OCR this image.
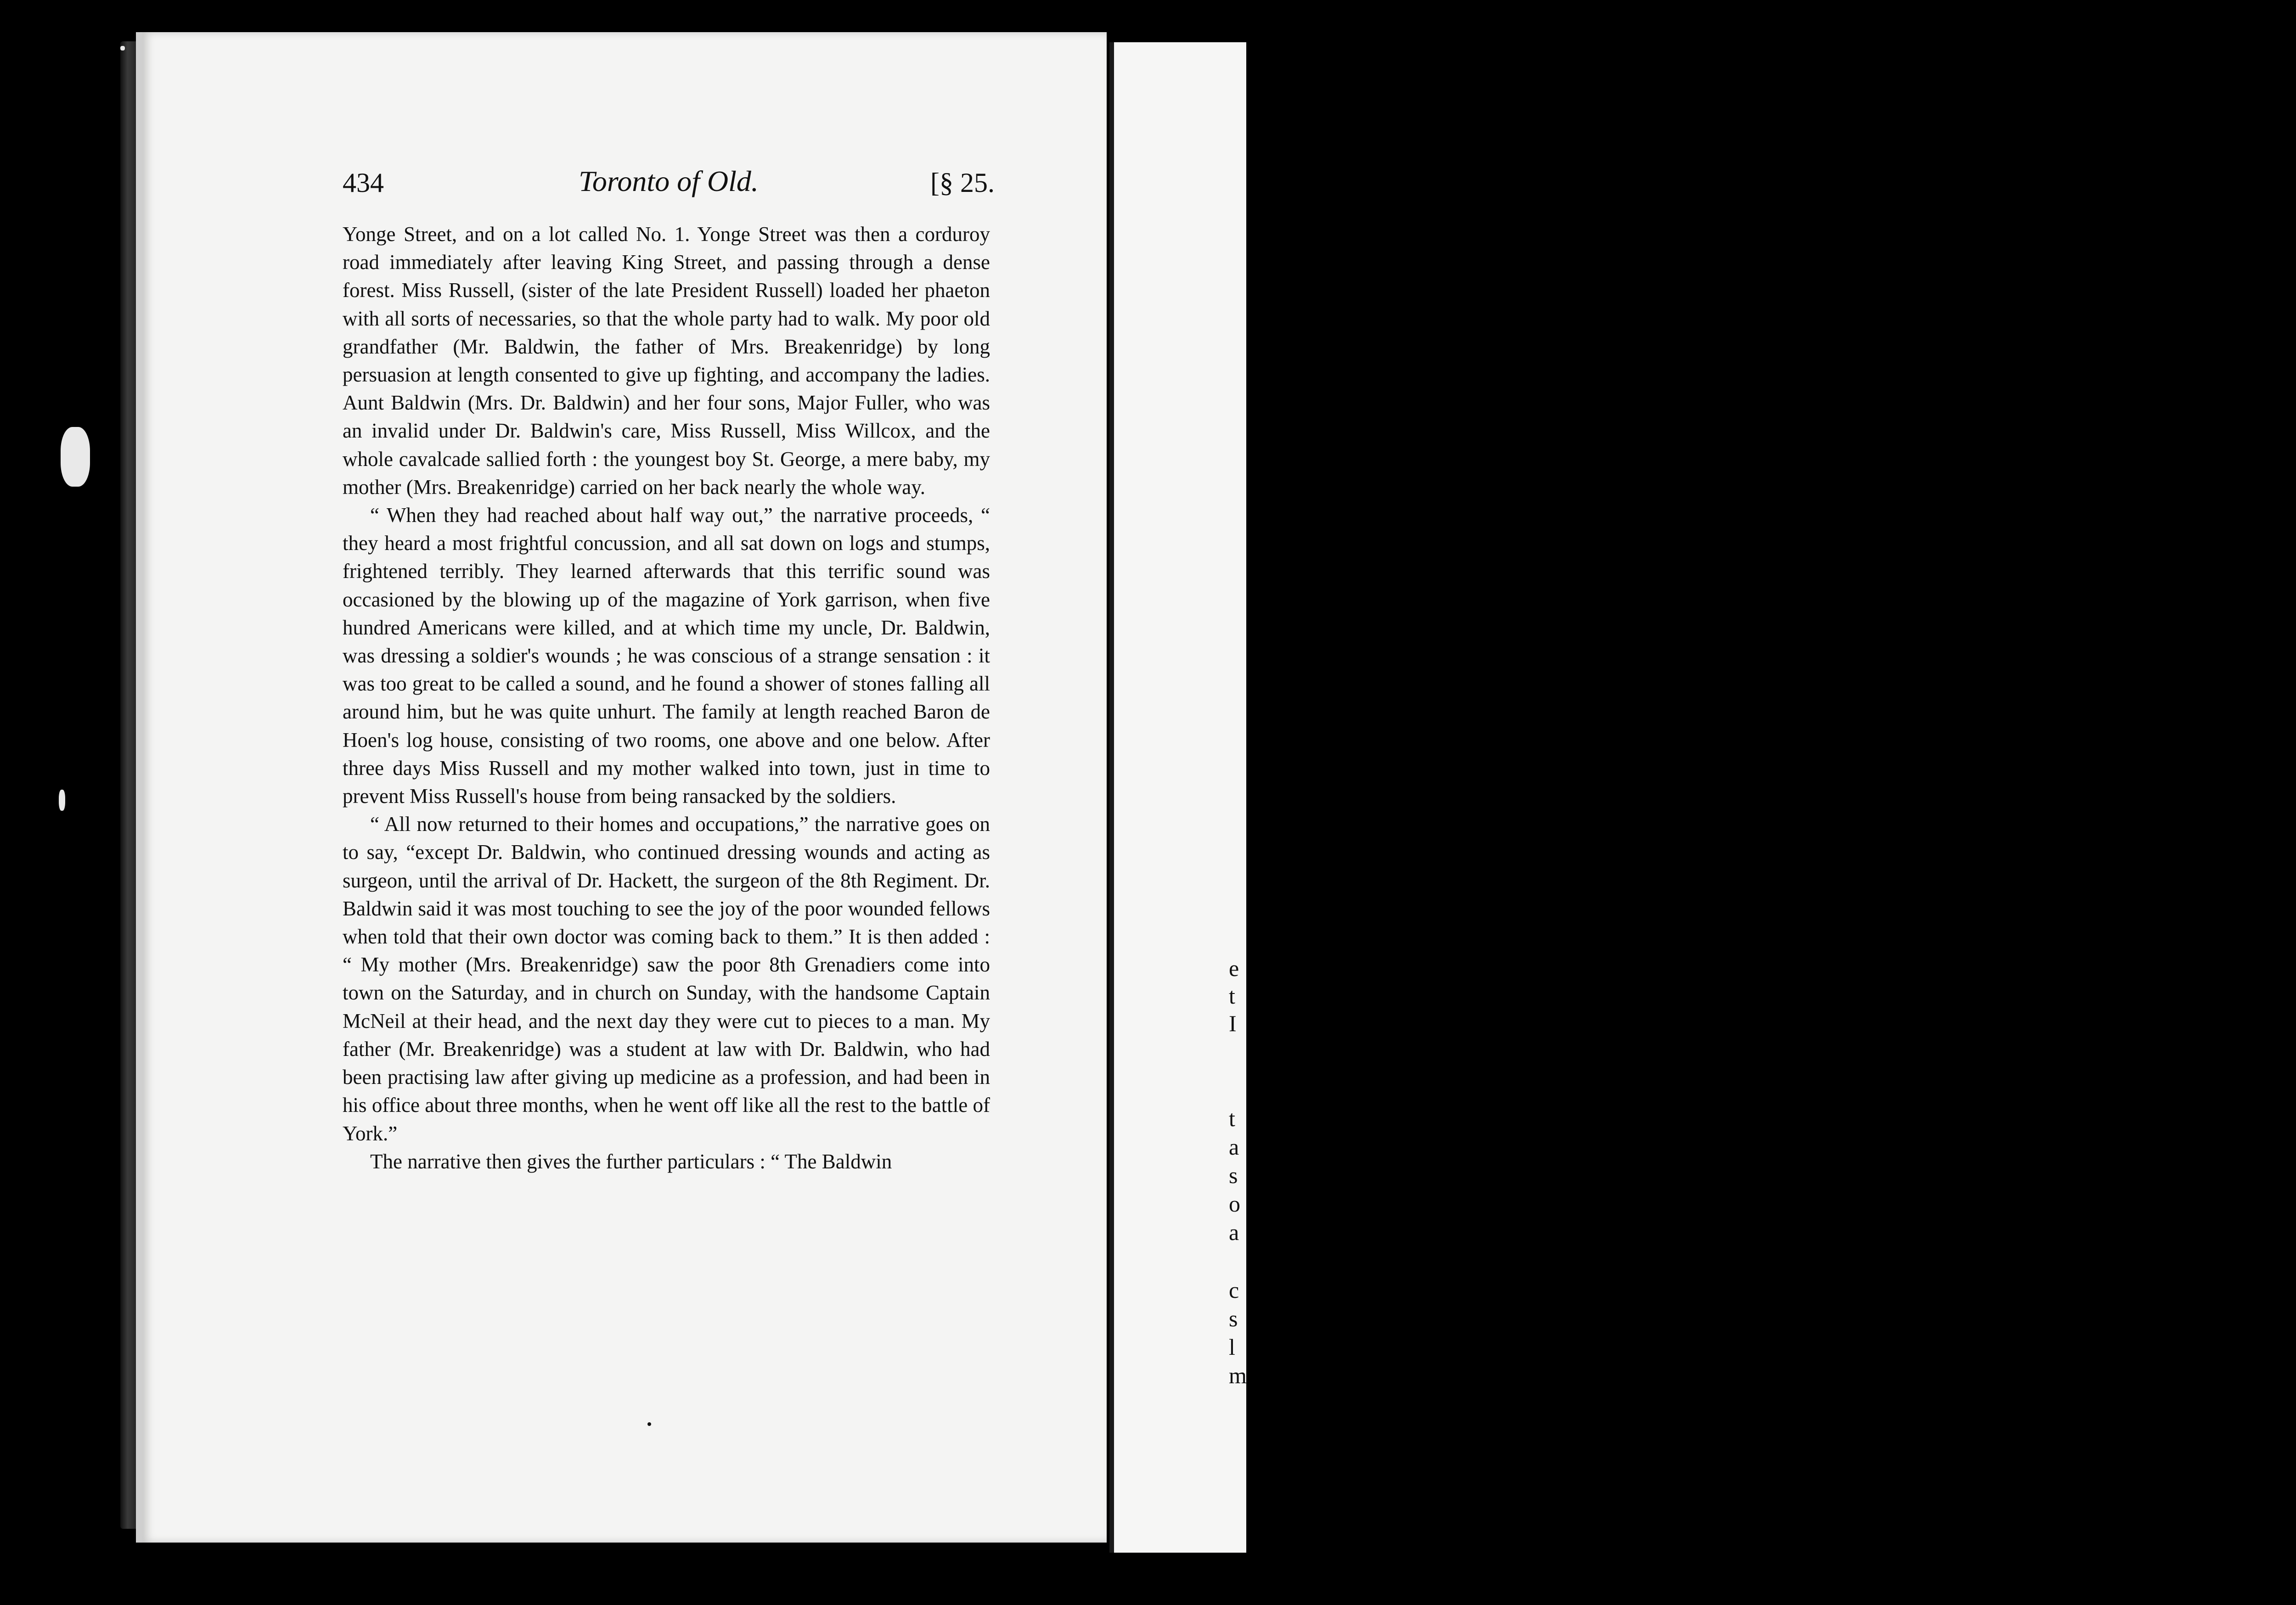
e
t
I
t
a
s
o
a
c
s
l
m
434	Toronto of Old.	[§ 25.

Yonge Street, and on a lot called No. 1. Yonge Street was then a corduroy road immediately after leaving King Street, and passing through a dense forest. Miss Russell, (sister of the late President Russell) loaded her phaeton with all sorts of necessaries, so that the whole party had to walk. My poor old grandfather (Mr. Baldwin, the father of Mrs. Breakenridge) by long persuasion at length consented to give up fighting, and accompany the ladies. Aunt Baldwin (Mrs. Dr. Baldwin) and her four sons, Major Fuller, who was an invalid under Dr. Baldwin's care, Miss Russell, Miss Willcox, and the whole cavalcade sallied forth : the youngest boy St. George, a mere baby, my mother (Mrs. Breakenridge) carried on her back nearly the whole way.

“ When they had reached about half way out,” the narrative proceeds, “ they heard a most frightful concussion, and all sat down on logs and stumps, frightened terribly. They learned afterwards that this terrific sound was occasioned by the blowing up of the magazine of York garrison, when five hundred Americans were killed, and at which time my uncle, Dr. Baldwin, was dressing a soldier's wounds ; he was conscious of a strange sensation : it was too great to be called a sound, and he found a shower of stones falling all around him, but he was quite unhurt. The family at length reached Baron de Hoen's log house, consisting of two rooms, one above and one below. After three days Miss Russell and my mother walked into town, just in time to prevent Miss Russell's house from being ransacked by the soldiers.

“ All now returned to their homes and occupations,” the narrative goes on to say, “except Dr. Baldwin, who continued dressing wounds and acting as surgeon, until the arrival of Dr. Hackett, the surgeon of the 8th Regiment. Dr. Baldwin said it was most touching to see the joy of the poor wounded fellows when told that their own doctor was coming back to them.” It is then added : “ My mother (Mrs. Breakenridge) saw the poor 8th Grenadiers come into town on the Saturday, and in church on Sunday, with the handsome Captain McNeil at their head, and the next day they were cut to pieces to a man. My father (Mr. Breakenridge) was a student at law with Dr. Baldwin, who had been practising law after giving up medicine as a profession, and had been in his office about three months, when he went off like all the rest to the battle of York.”

The narrative then gives the further particulars : “ The Baldwin
